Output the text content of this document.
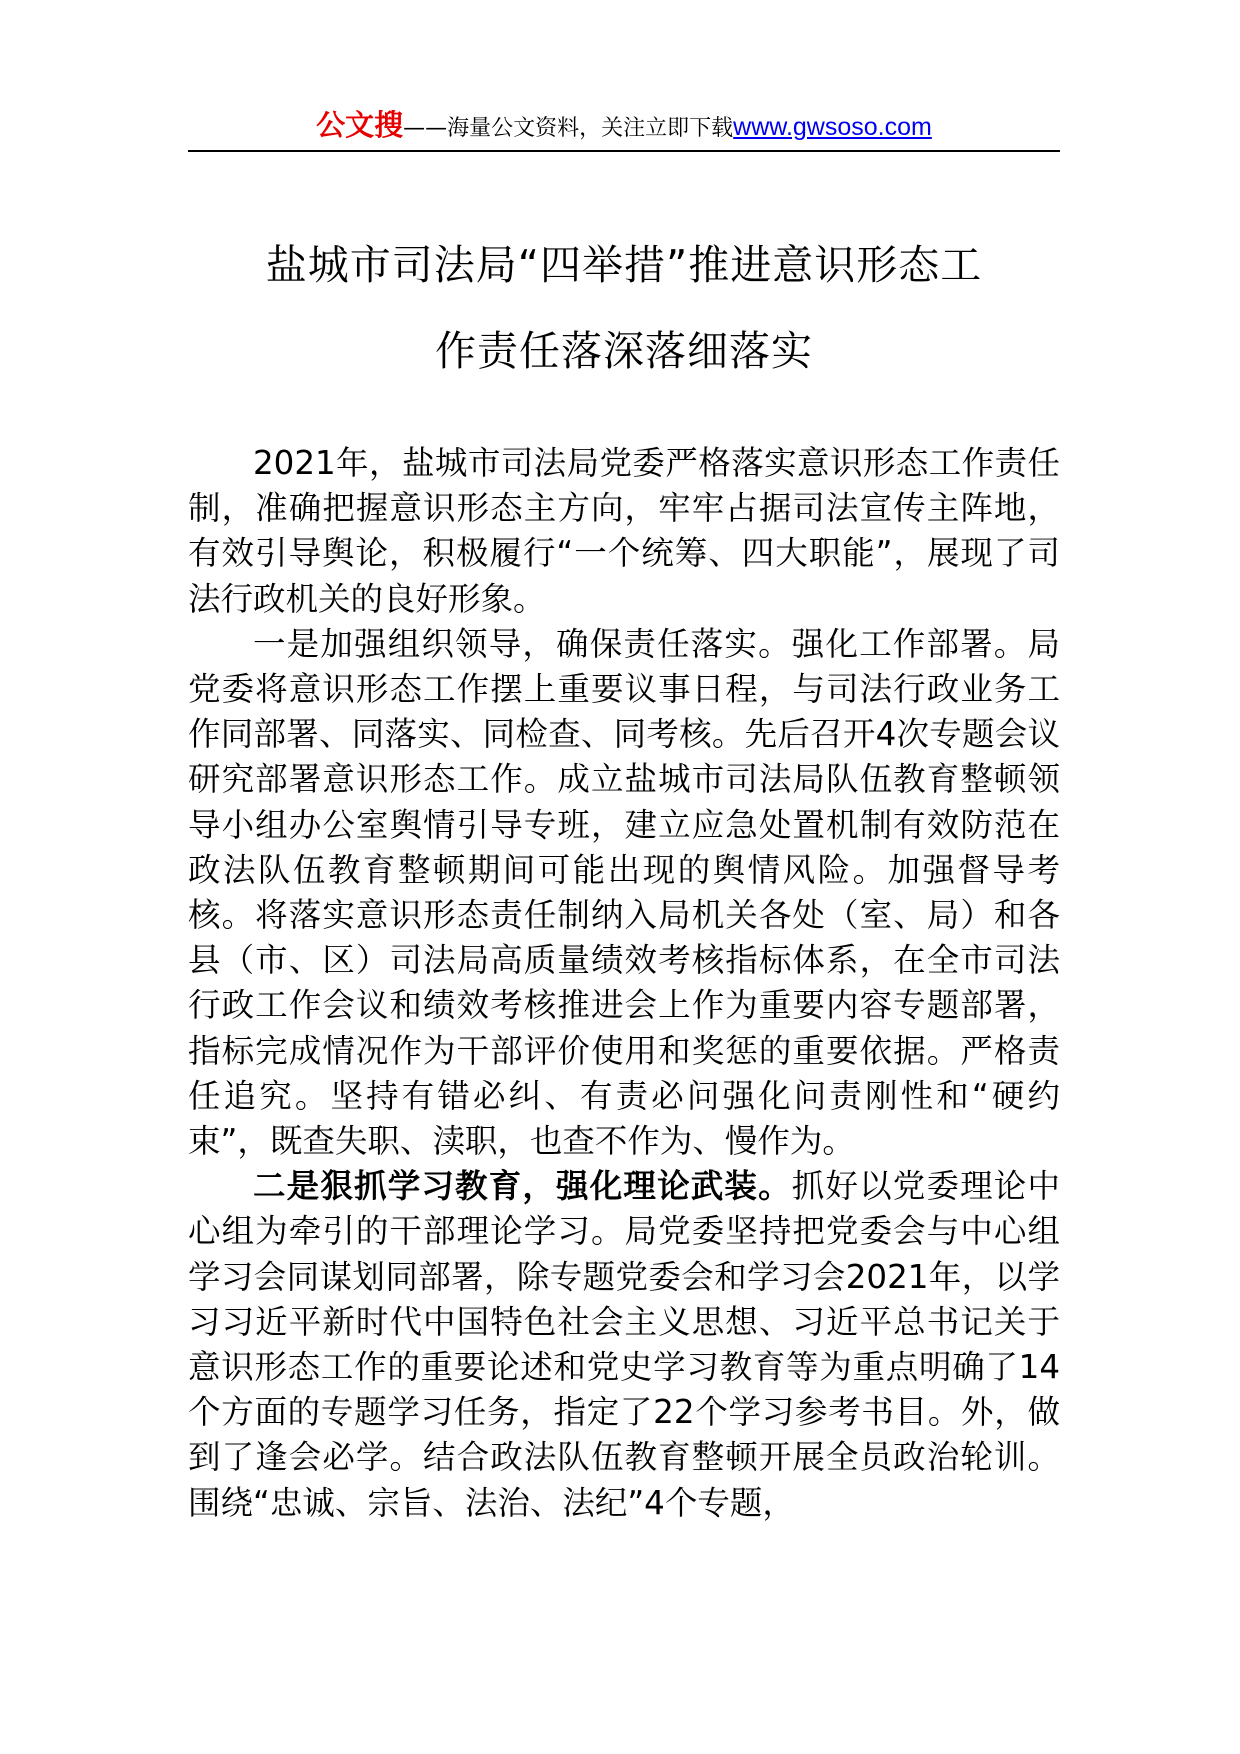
公文搜——海量公文资料，关注立即下载www.gwsoso.com
盐城市司法局“四举措”推进意识形态工
作责任落深落细落实

2021年，盐城市司法局党委严格落实意识形态工作责任制，准确把握意识形态主方向，牢牢占据司法宣传主阵地，有效引导舆论，积极履行“一个统筹、四大职能”，展现了司法行政机关的良好形象。

一是加强组织领导，确保责任落实。强化工作部署。局党委将意识形态工作摆上重要议事日程，与司法行政业务工作同部署、同落实、同检查、同考核。先后召开4次专题会议研究部署意识形态工作。成立盐城市司法局队伍教育整顿领导小组办公室舆情引导专班，建立应急处置机制有效防范在政法队伍教育整顿期间可能出现的舆情风险。加强督导考核。将落实意识形态责任制纳入局机关各处（室、局）和各县（市、区）司法局高质量绩效考核指标体系，在全市司法行政工作会议和绩效考核推进会上作为重要内容专题部署，指标完成情况作为干部评价使用和奖惩的重要依据。严格责任追究。坚持有错必纠、有责必问强化问责刚性和“硬约束”，既查失职、渎职，也查不作为、慢作为。

二是狠抓学习教育，强化理论武装。抓好以党委理论中心组为牵引的干部理论学习。局党委坚持把党委会与中心组学习会同谋划同部署，除专题党委会和学习会2021年，以学习习近平新时代中国特色社会主义思想、习近平总书记关于意识形态工作的重要论述和党史学习教育等为重点明确了14个方面的专题学习任务，指定了22个学习参考书目。外，做到了逢会必学。结合政法队伍教育整顿开展全员政治轮训。围绕“忠诚、宗旨、法治、法纪”4个专题，
